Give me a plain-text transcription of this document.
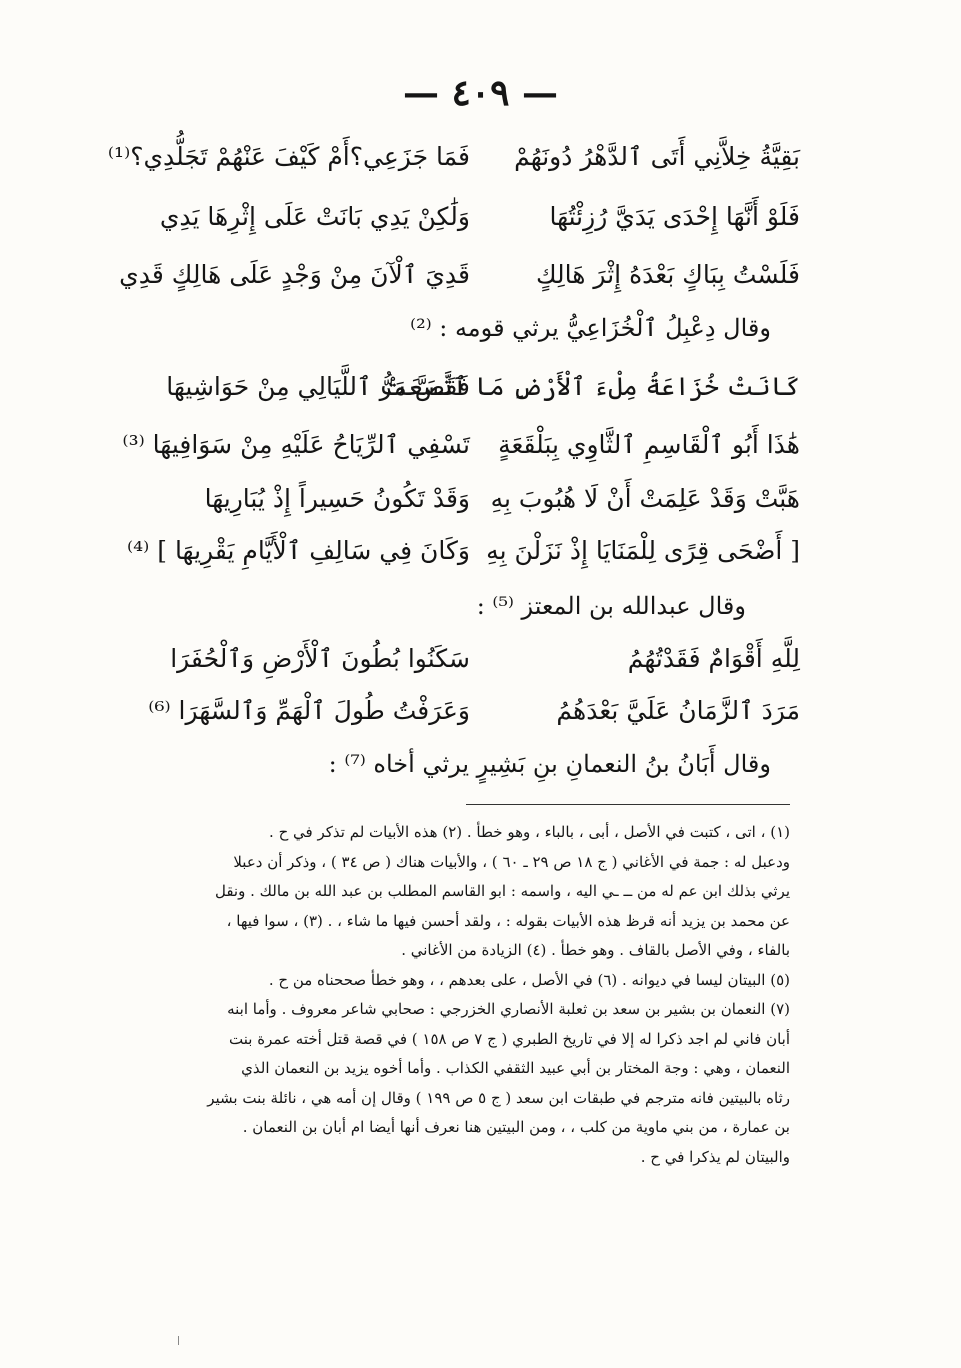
— ٤٠٩ —
بَقِيَّةُ خِلاَّنِي أَتَى ٱلدَّهْرُ دُونَهُمْ
فَمَا جَزَعِي؟أَمْ كَيْفَ عَنْهُمْ تَجَلُّدِي؟⁽¹⁾
فَلَوْ أَنَّهَا إِحْدَى يَدَيَّ رُزِئْتُهَا
وَلَٰكِنْ يَدِي بَانَتْ عَلَى إِثْرِهَا يَدِي
فَلَسْتُ بِبَاكٍ بَعْدَهُ إِثْرَ هَالِكٍ
قَدِيَ ٱلْآنَ مِنْ وَجْدٍ عَلَى هَالِكٍ قَدِي
وقال دِعْبِلُ ٱلْخُزَاعِيُّ يرثي قومه : ⁽²⁾
كَانَتْ خُزَاعَةُ مِلْءَ ٱلْأَرْضِ مَا ٱتَّسَعَتْ
فَقَصَّ مَرُّ ٱللَّيَالِي مِنْ حَوَاشِيهَا
هَٰذَا أَبُو ٱلْقَاسِمِ ٱلثَّاوِي بِبَلْقَعَةٍ
تَسْفِي ٱلرِّيَاحُ عَلَيْهِ مِنْ سَوَافِيهَا ⁽³⁾
هَبَّتْ وَقَدْ عَلِمَتْ أَنْ لَا هُبُوبَ بِهِ
وَقَدْ تَكُونُ حَسِيراً إِذْ يُبَارِيهَا
[ أَضْحَى قِرًى لِلْمَنَايَا إِذْ نَزَلْنَ بِهِ
وَكَانَ فِي سَالِفِ ٱلْأَيَّامِ يَقْرِيهَا ] ⁽⁴⁾
وقال عبدالله بن المعتز ⁽⁵⁾ :
لِلَّهِ أَقْوَامٌ فَقَدْتُهُمُ
سَكَنُوا بُطُونَ ٱلْأَرْضِ وَٱلْحُفَرَا
مَرَدَ ٱلزَّمَانُ عَلَيَّ بَعْدَهُمُ
وَعَرَفْتُ طُولَ ٱلْهَمِّ وَٱلسَّهَرَا ⁽⁶⁾
وقال أَبَانُ بنُ النعمانِ بنِ بَشِيرٍ يرثي أخاه ⁽⁷⁾ :
(١) ، اتى ، كتبت في الأصل ، أبى ، بالباء ، وهو خطأ . (٢) هذه الأبيات لم تذكر في ح .
ودعبل له : جمة في الأغاني ( ج ١٨ ص ٢٩ ـ ٦٠ ) ، والأبيات هناك ( ص ٣٤ ) ، وذكر أن دعبلا
يرثي بذلك ابن عم له من ــ ـي اليه ، واسمه : ابو القاسم المطلب بن عبد الله بن مالك . ونقل
عن محمد بن يزيد أنه قرظ هذه الأبيات بقوله : ، ولقد أحسن فيها ما شاء ، . (٣) ، سوا فيها ،
بالفاء ، وفي الأصل بالقاف . وهو خطأ . (٤) الزيادة من الأغاني .
(٥) البيتان ليسا في ديوانه . (٦) في الأصل ، على بعدهم ، ، وهو خطأ صححناه من ح .
(٧) النعمان بن بشير بن سعد بن ثعلبة الأنصاري الخزرجي : صحابي شاعر معروف . وأما ابنه
أبان فاني لم اجد ذكرا له إلا في تاريخ الطبري ( ج ٧ ص ١٥٨ ) في قصة قتل أخته عمرة بنت
النعمان ، وهي : وجة المختار بن أبي عبيد الثقفي الكذاب . وأما أخوه يزيد بن النعمان الذي
رثاه بالبيتين فانه مترجم في طبقات ابن سعد ( ج ٥ ص ١٩٩ ) وقال إن أمه هي ، نائلة بنت بشير
بن عمارة ، من بني ماوية من كلب ، ، ومن البيتين هنا نعرف أنها أيضا ام أبان بن النعمان .
والبيتان لم يذكرا في ح .
